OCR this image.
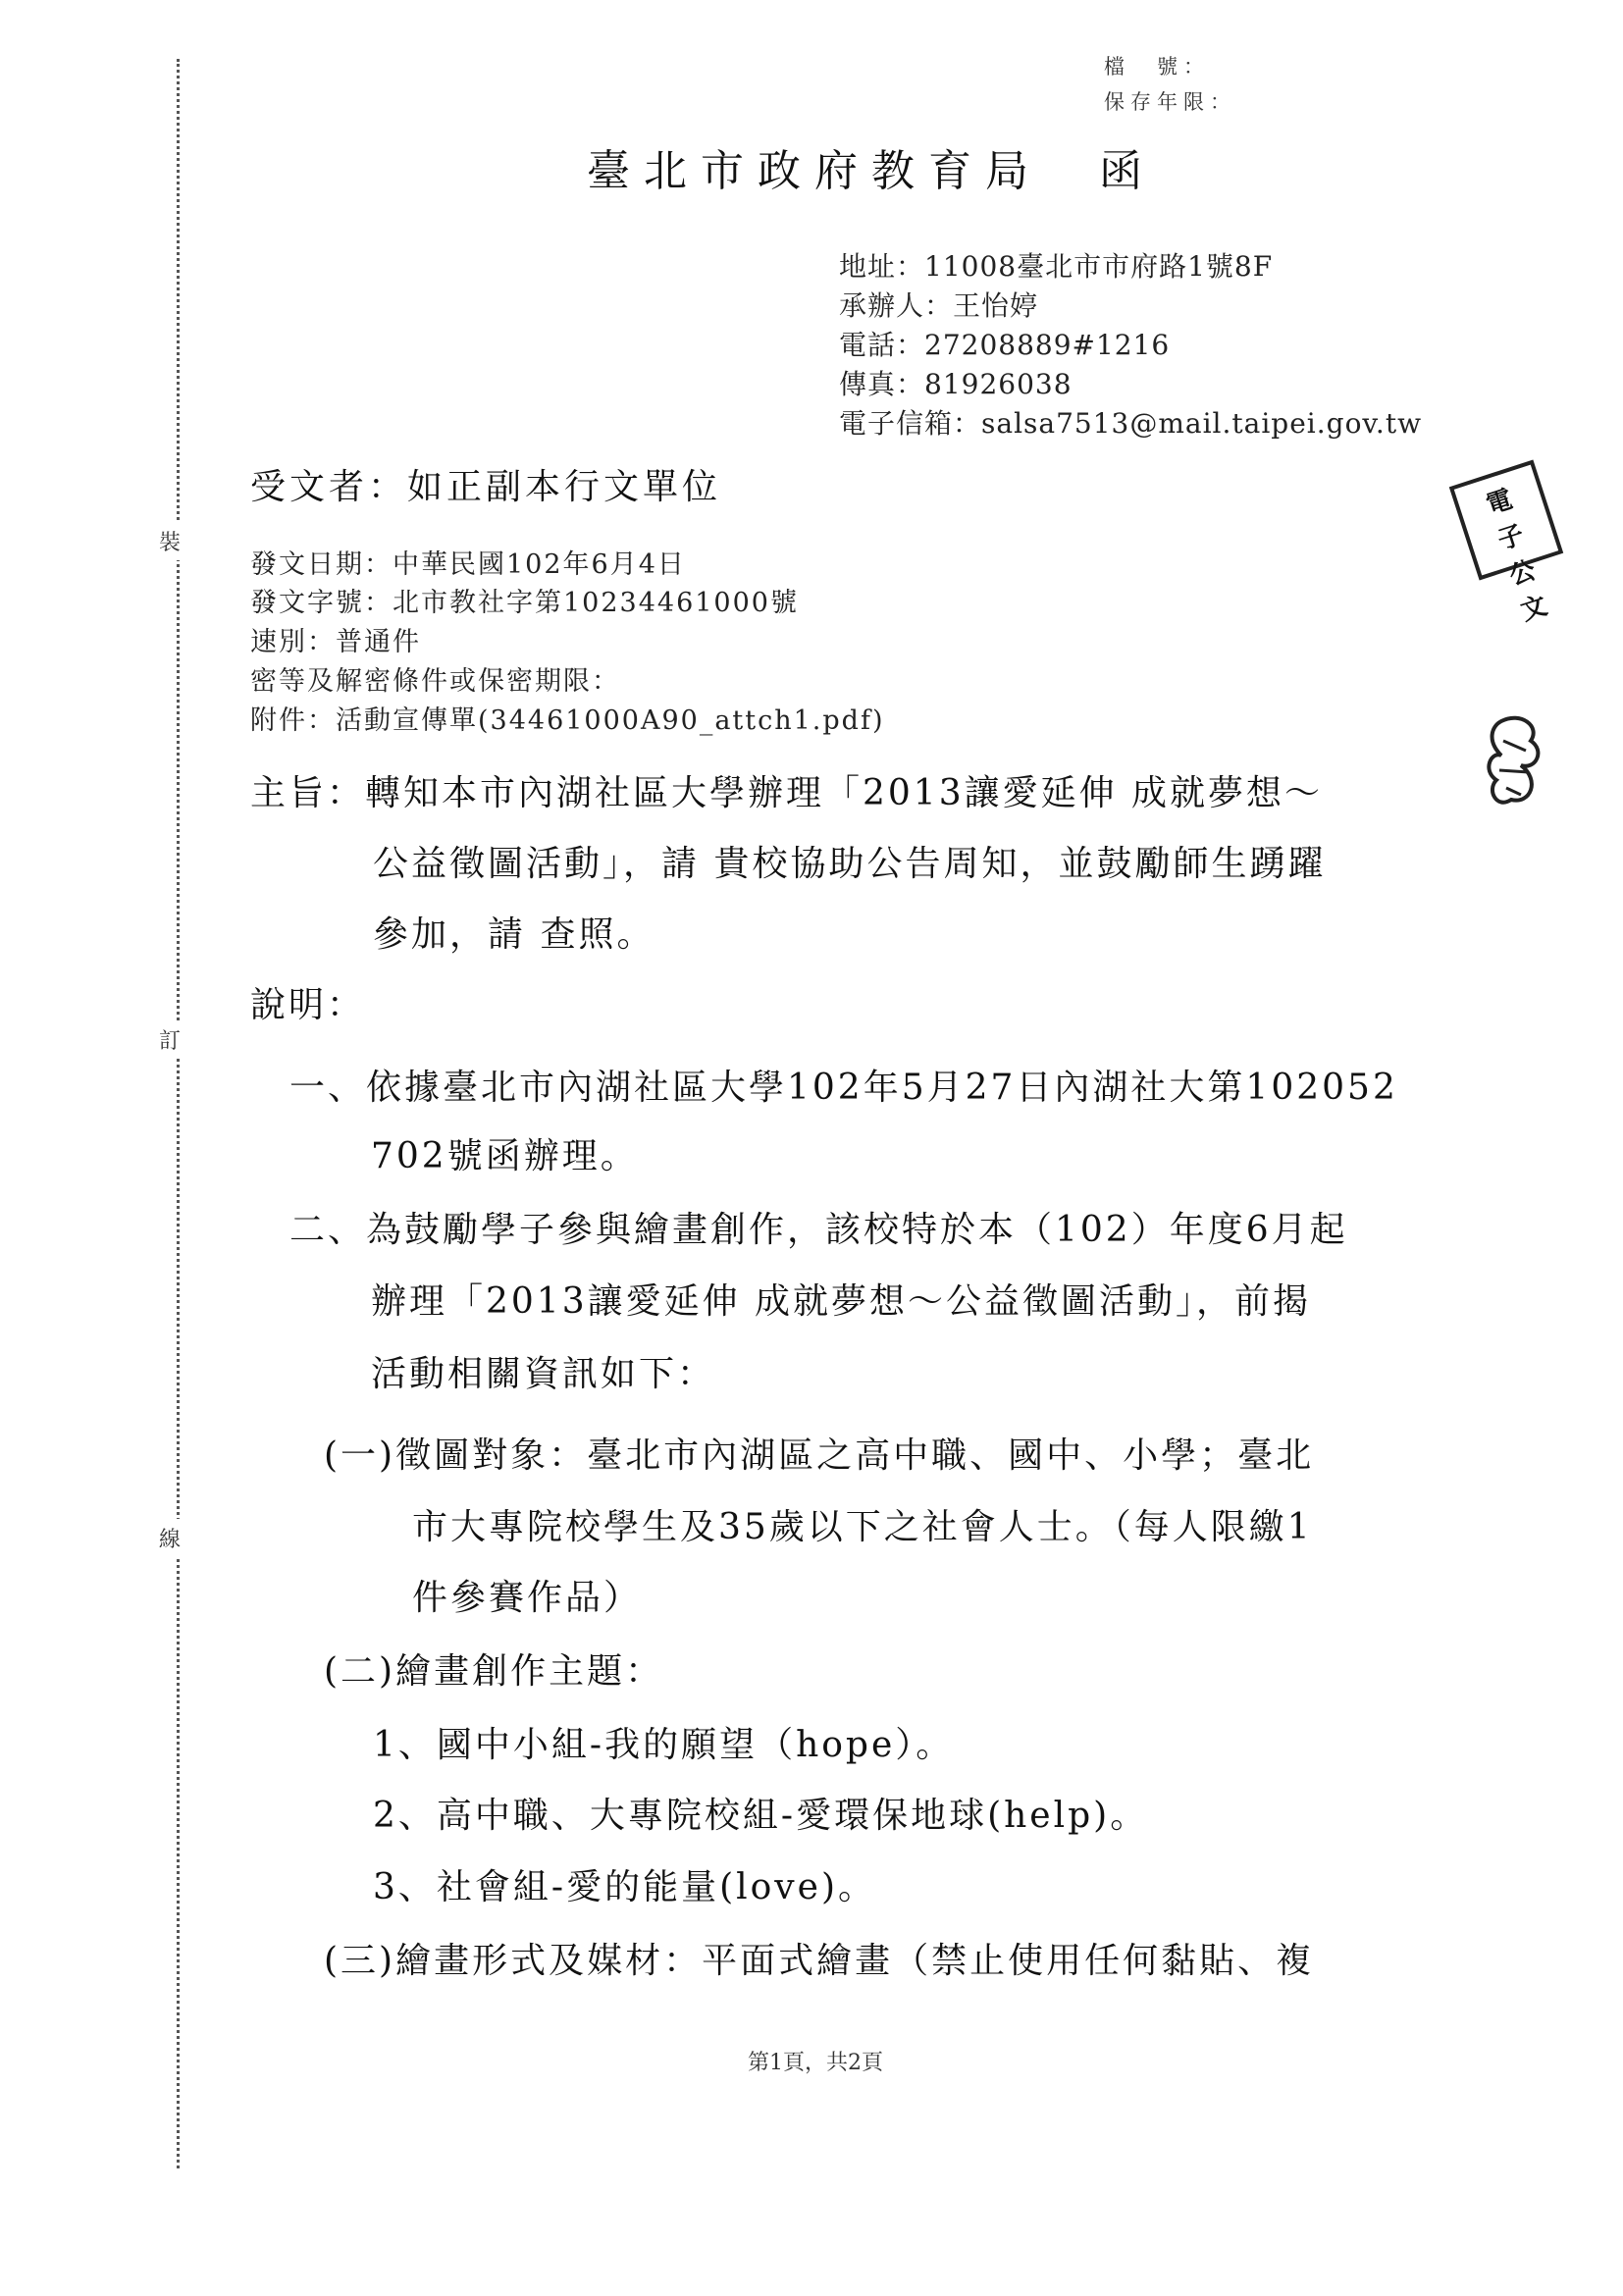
裝
訂
線
檔　號：
保存年限：
臺北市政府教育局　函
地址：11008臺北市市府路1號8F
承辦人：王怡婷
電話：27208889#1216
傳真：81926038
電子信箱：salsa7513@mail.taipei.gov.tw
電子公文
受文者：如正副本行文單位
發文日期：中華民國102年6月4日
發文字號：北市教社字第10234461000號
速別：普通件
密等及解密條件或保密期限：
附件：活動宣傳單(34461000A90_attch1.pdf)
主旨：轉知本市內湖社區大學辦理「2013讓愛延伸 成就夢想～
公益徵圖活動」，請 貴校協助公告周知，並鼓勵師生踴躍
參加，請 查照。
說明：
一、依據臺北市內湖社區大學102年5月27日內湖社大第102052
702號函辦理。
二、為鼓勵學子參與繪畫創作，該校特於本（102）年度6月起
辦理「2013讓愛延伸 成就夢想～公益徵圖活動」，前揭
活動相關資訊如下：
(一)徵圖對象：臺北市內湖區之高中職、國中、小學；臺北
市大專院校學生及35歲以下之社會人士。（每人限繳1
件參賽作品）
(二)繪畫創作主題：
1、國中小組-我的願望（hope）。
2、高中職、大專院校組-愛環保地球(help)。
3、社會組-愛的能量(love)。
(三)繪畫形式及媒材：平面式繪畫（禁止使用任何黏貼、複
第1頁，共2頁
